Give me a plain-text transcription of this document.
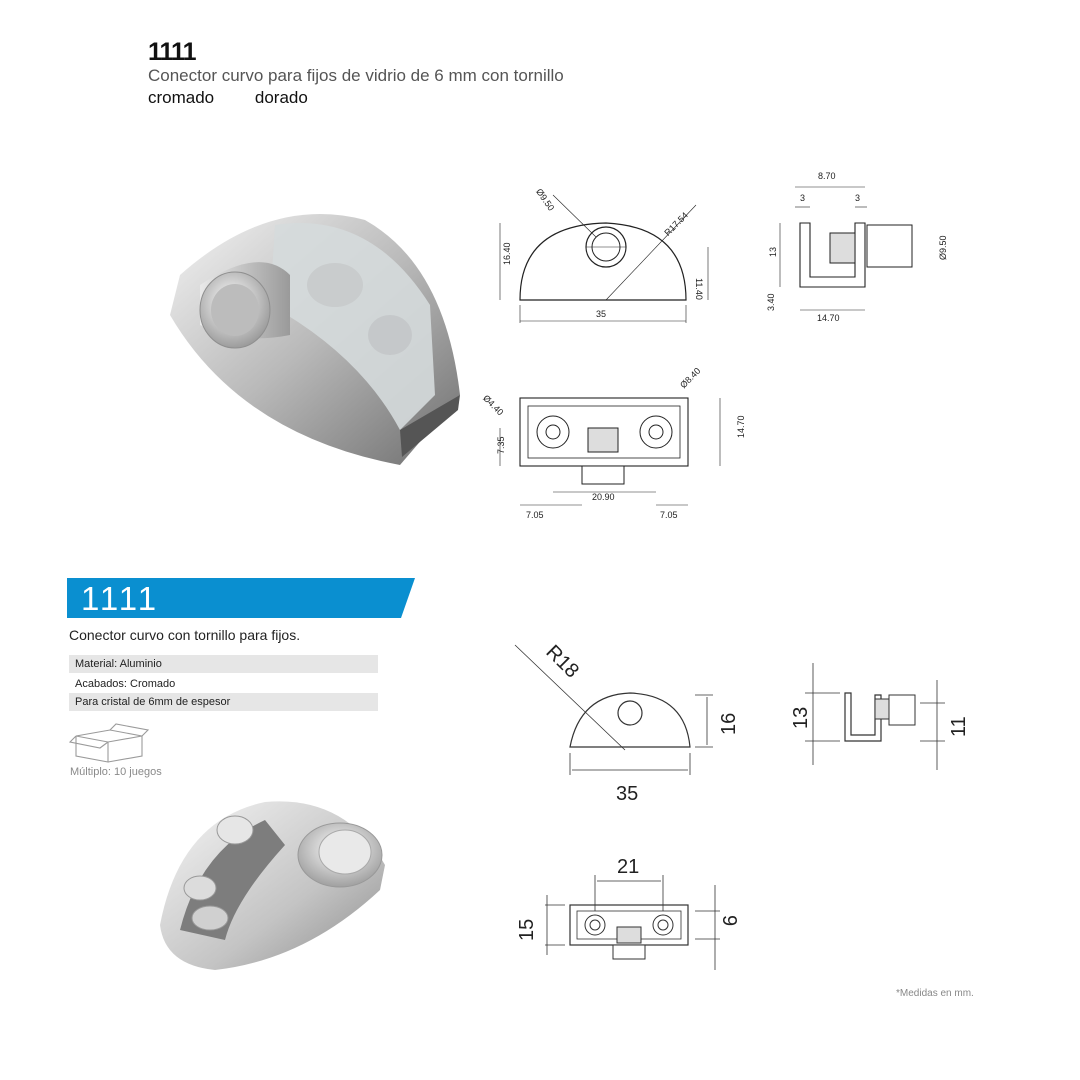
1111
Conector curvo para fijos de vidrio de 6 mm con tornillo
cromado dorado
Ø9.50
R17.54
35
16.40
11.40
8.70
3	3
13
3.40
14.70
Ø9.50
Ø4.40
Ø8.40
7.35
14.70
20.90
7.05	7.05
1111
Conector curvo con tornillo para fijos.
Material: Aluminio
Acabados: Cromado
Para cristal de 6mm de espesor
Múltiplo: 10 juegos
R18
35
16	13	11
21
15	9
*Medidas en mm.
